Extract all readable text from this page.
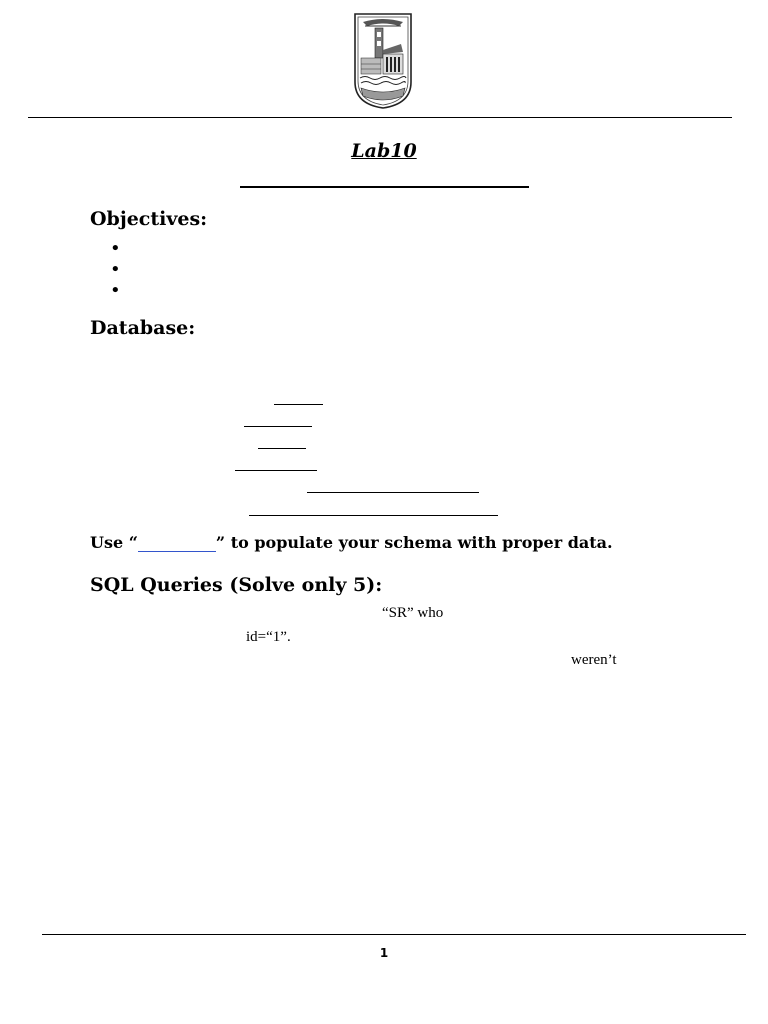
Lab10
Objectives:
•
•
•
Database:
Use “	” to populate your schema with proper data.
SQL Queries (Solve only 5):
“SR” who
id=“1”.
weren’t
1
